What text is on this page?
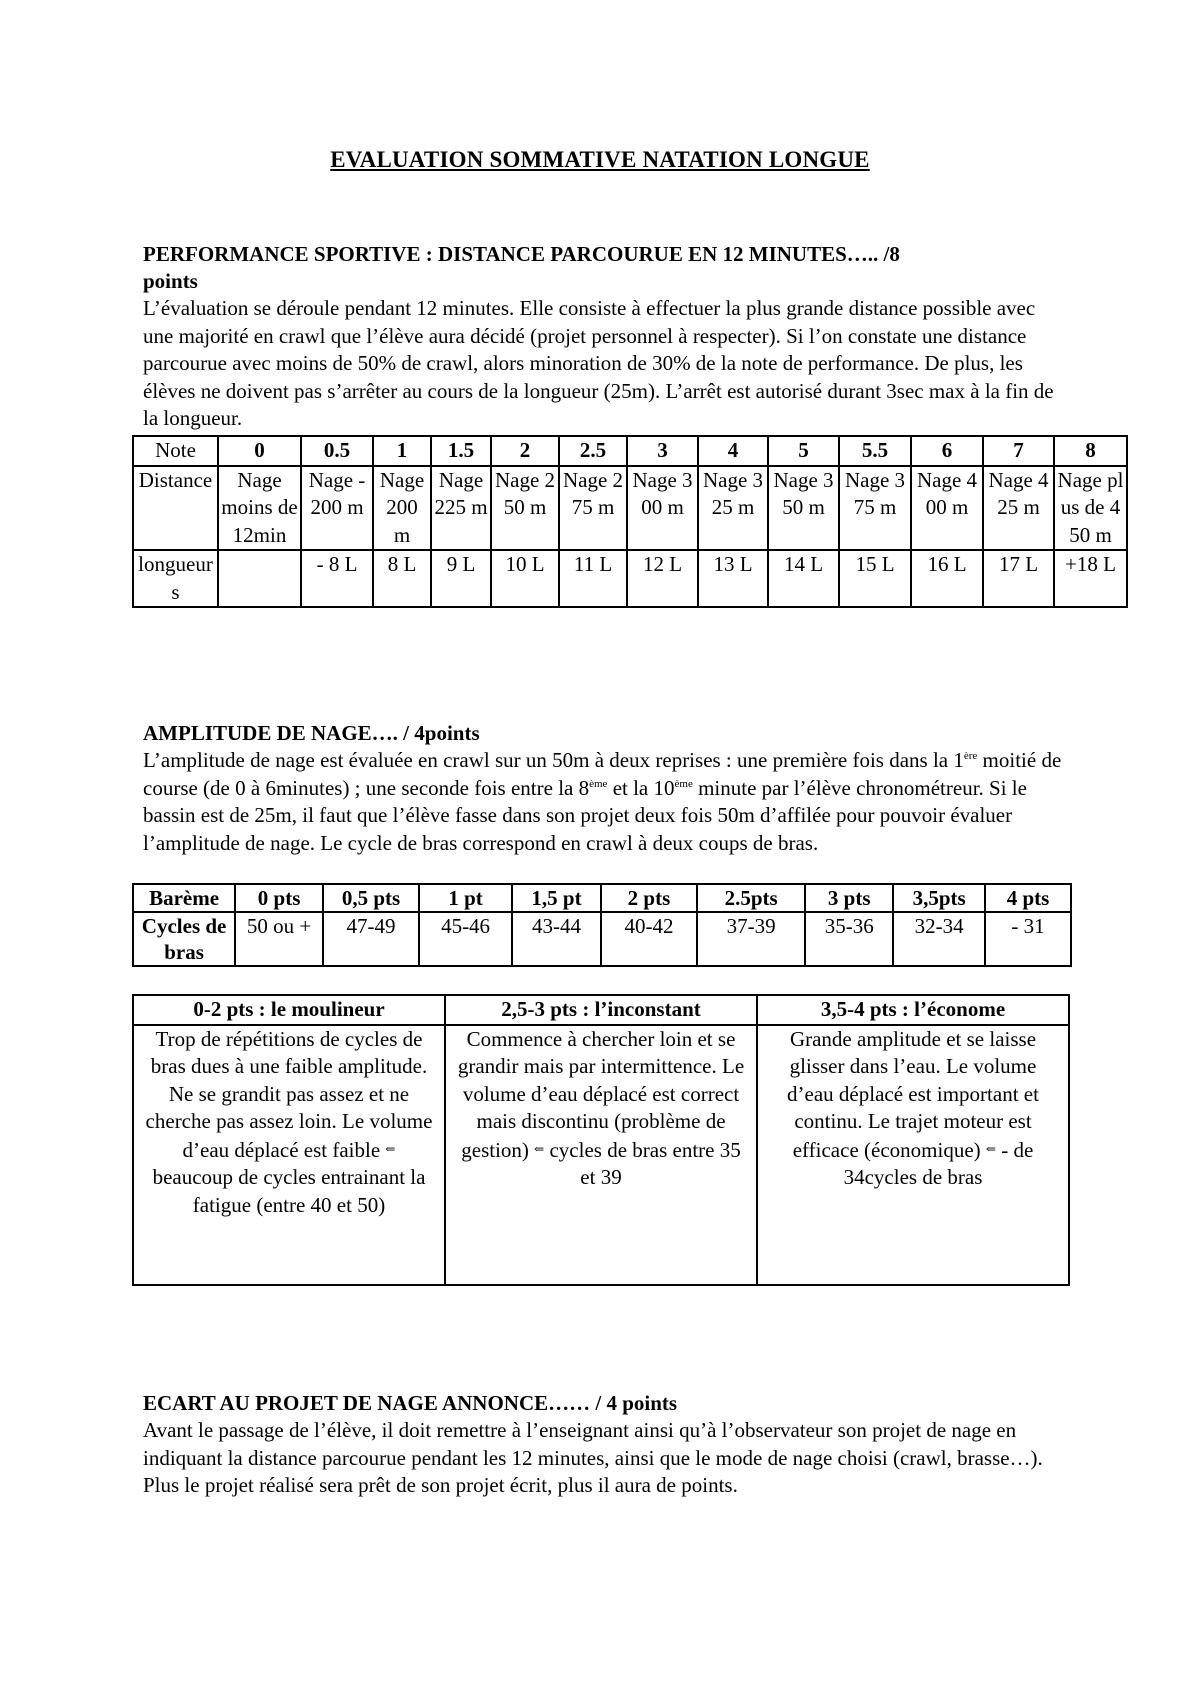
EVALUATION SOMMATIVE NATATION LONGUE
PERFORMANCE SPORTIVE : DISTANCE PARCOURUE EN 12 MINUTES….. /8
points

L’évaluation se déroule pendant 12 minutes. Elle consiste à effectuer la plus grande distance possible avec une majorité en crawl que l’élève aura décidé (projet personnel à respecter). Si l’on constate une distance parcourue avec moins de 50% de crawl, alors minoration de 30% de la note de performance. De plus, les élèves ne doivent pas s’arrêter au cours de la longueur (25m). L’arrêt est autorisé durant 3sec max à la fin de la longueur.

Note	0	0.5	1	1.5	2	2.5	3	4	5	5.5	6	7	8
Distance	Nage moins de 12min	Nage -200 m	Nage 200 m	Nage 225 m	Nage 250 m	Nage 275 m	Nage 300 m	Nage 325 m	Nage 350 m	Nage 375 m	Nage 400 m	Nage 425 m	Nage plus de 450 m
longueurs		- 8 L	8 L	9 L	10 L	11 L	12 L	13 L	14 L	15 L	16 L	17 L	+18 L
AMPLITUDE DE NAGE…. / 4points

L’amplitude de nage est évaluée en crawl sur un 50m à deux reprises : une première fois dans la 1ère moitié de course (de 0 à 6minutes) ; une seconde fois entre la 8ème et la 10ème minute par l’élève chronométreur. Si le bassin est de 25m, il faut que l’élève fasse dans son projet deux fois 50m d’affilée pour pouvoir évaluer l’amplitude de nage. Le cycle de bras correspond en crawl à deux coups de bras.

Barème	0 pts	0,5 pts	1 pt	1,5 pt	2 pts	2.5pts	3 pts	3,5pts	4 pts
Cycles de bras	50 ou +	47-49	45-46	43-44	40-42	37-39	35-36	32-34	- 31
0-2 pts : le moulineur	2,5-3 pts : l’inconstant	3,5-4 pts : l’économe
Trop de répétitions de cycles de bras dues à une faible amplitude. Ne se grandit pas assez et ne cherche pas assez loin. Le volume d’eau déplacé est faible ⇐ beaucoup de cycles entrainant la fatigue (entre 40 et 50)	Commence à chercher loin et se grandir mais par intermittence. Le volume d’eau déplacé est correct mais discontinu (problème de gestion) ⇐ cycles de bras entre 35 et 39	Grande amplitude et se laisse glisser dans l’eau. Le volume d’eau déplacé est important et continu. Le trajet moteur est efficace (économique) ⇐ - de 34cycles de bras
ECART AU PROJET DE NAGE ANNONCE…… / 4 points

Avant le passage de l’élève, il doit remettre à l’enseignant ainsi qu’à l’observateur son projet de nage en indiquant la distance parcourue pendant les 12 minutes, ainsi que le mode de nage choisi (crawl, brasse…). Plus le projet réalisé sera prêt de son projet écrit, plus il aura de points.
